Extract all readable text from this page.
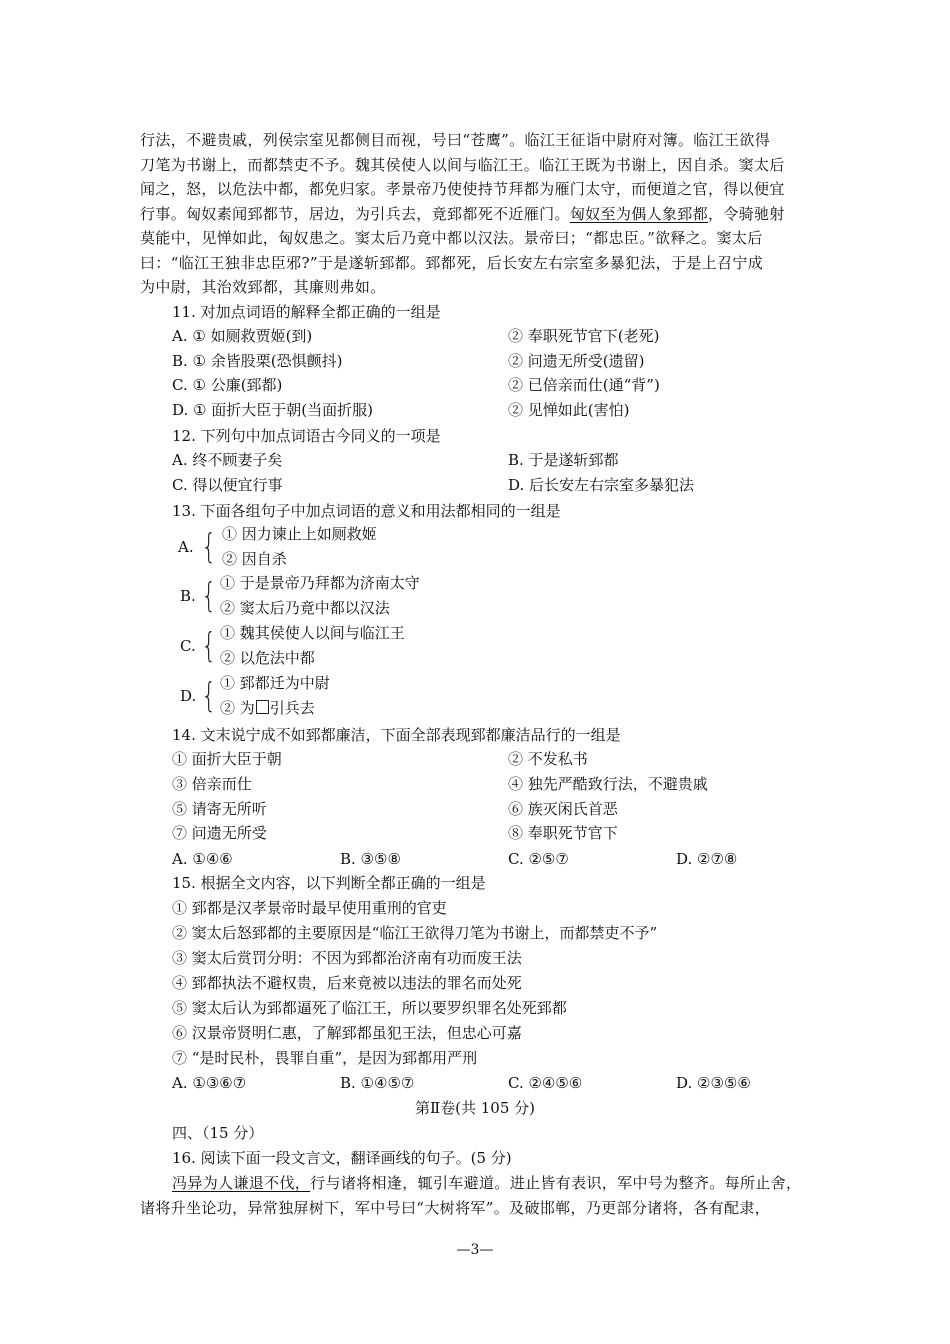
行法，不避贵戚，列侯宗室见都侧目而视，号曰“苍鹰”。临江王征诣中尉府对簿。临江王欲得
刀笔为书谢上，而都禁吏不予。魏其侯使人以间与临江王。临江王既为书谢上，因自杀。窦太后
闻之，怒，以危法中都，都免归家。孝景帝乃使使持节拜都为雁门太守，而便道之官，得以便宜
行事。匈奴素闻郅都节，居边，为引兵去，竟郅都死不近雁门。匈奴至为偶人象郅都，令骑驰射
莫能中，见惮如此，匈奴患之。窦太后乃竟中都以汉法。景帝曰；“都忠臣。”欲释之。窦太后
曰：“临江王独非忠臣邪?”于是遂斩郅都。郅都死，后长安左右宗室多暴犯法，于是上召宁成
为中尉，其治效郅都，其廉则弗如。
11. 对加点词语的解释全都正确的一组是
A. ① 如厕救贾姬(到)	② 奉职死节官下(老死)
B. ① 余皆股栗(恐惧颤抖)	② 问遗无所受(遗留)
C. ① 公廉(郅都)	② 已倍亲而仕(通“背”)
D. ① 面折大臣于朝(当面折服)	② 见惮如此(害怕)
12. 下列句中加点词语古今同义的一项是
A. 终不顾妻子矣	B. 于是遂斩郅都
C. 得以便宜行事	D. 后长安左右宗室多暴犯法
13. 下面各组句子中加点词语的意义和用法都相同的一组是
A. { ① 因力谏止上如厕救姬
② 因自杀
B. { ① 于是景帝乃拜都为济南太守
② 窦太后乃竟中都以汉法
C. { ① 魏其侯使人以间与临江王
② 以危法中都
D. { ① 郅都迁为中尉
② 为 引兵去
14. 文末说宁成不如郅都廉洁，下面全部表现郅都廉洁品行的一组是
① 面折大臣于朝	② 不发私书
③ 倍亲而仕	④ 独先严酷致行法，不避贵戚
⑤ 请寄无所听	⑥ 族灭闲氏首恶
⑦ 问遗无所受	⑧ 奉职死节官下
A. ①④⑥	B. ③⑤⑧	C. ②⑤⑦	D. ②⑦⑧
15. 根据全文内容，以下判断全都正确的一组是
① 郅都是汉孝景帝时最早使用重刑的官吏
② 窦太后怒郅都的主要原因是“临江王欲得刀笔为书谢上，而都禁吏不予”
③ 窦太后赏罚分明：不因为郅都治济南有功而废王法
④ 郅都执法不避权贵，后来竟被以违法的罪名而处死
⑤ 窦太后认为郅都逼死了临江王，所以要罗织罪名处死郅都
⑥ 汉景帝贤明仁惠，了解郅都虽犯王法，但忠心可嘉
⑦ “是时民朴，畏罪自重”，是因为郅都用严刑
A. ①③⑥⑦	B. ①④⑤⑦	C. ②④⑤⑥	D. ②③⑤⑥
第Ⅱ卷(共 105 分)
四、（15 分）
16. 阅读下面一段文言文，翻译画线的句子。(5 分)
冯异为人谦退不伐，行与诸将相逢，辄引车避道。进止皆有表识，军中号为整齐。每所止舍，
诸将升坐论功，异常独屏树下，军中号曰“大树将军”。及破邯郸，乃更部分诸将，各有配隶，
—3—
